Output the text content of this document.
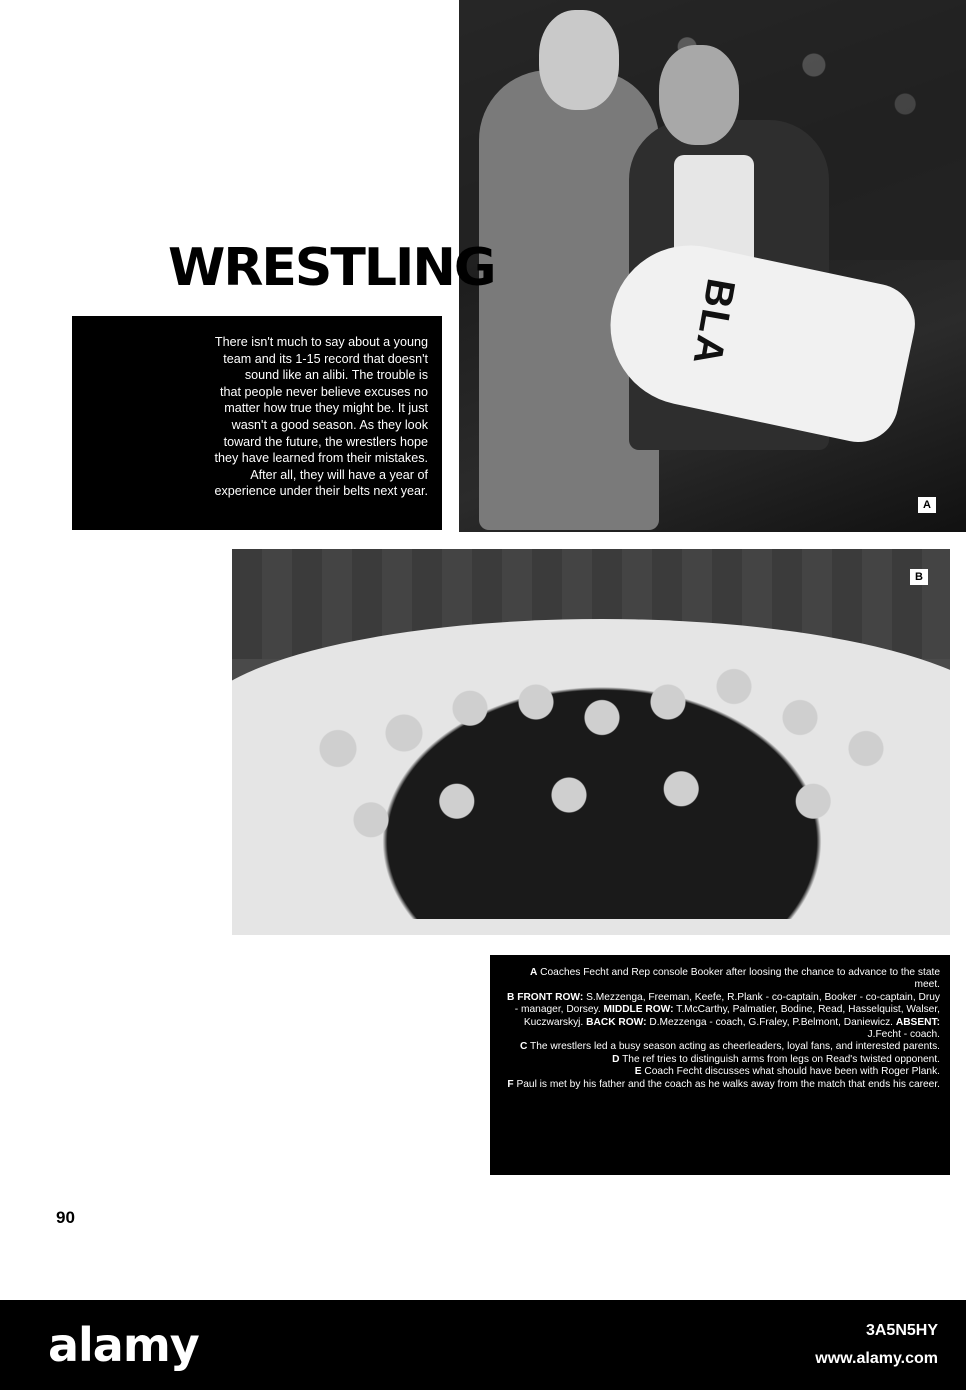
BLA
A
WRESTLING
There isn't much to say about a young
team and its 1-15 record that doesn't
sound like an alibi. The trouble is
that people never believe excuses no
matter how true they might be. It just
wasn't a good season. As they look
toward the future, the wrestlers hope
they have learned from their mistakes.
After all, they will have a year of
experience under their belts next year.
B

A Coaches Fecht and Rep console Booker after loosing the chance to advance to the state meet.

B FRONT ROW: S.Mezzenga, Freeman, Keefe, R.Plank - co-captain, Booker - co-captain, Druy - manager, Dorsey. MIDDLE ROW: T.McCarthy, Palmatier, Bodine, Read, Hasselquist, Walser, Kuczwarskyj. BACK ROW: D.Mezzenga - coach, G.Fraley, P.Belmont, Daniewicz. ABSENT: J.Fecht - coach.

C The wrestlers led a busy season acting as cheerleaders, loyal fans, and interested parents.

D The ref tries to distinguish arms from legs on Read's twisted opponent.

E Coach Fecht discusses what should have been with Roger Plank.

F Paul is met by his father and the coach as he walks away from the match that ends his career.

90
alamy	3A5N5HY
www.alamy.com
